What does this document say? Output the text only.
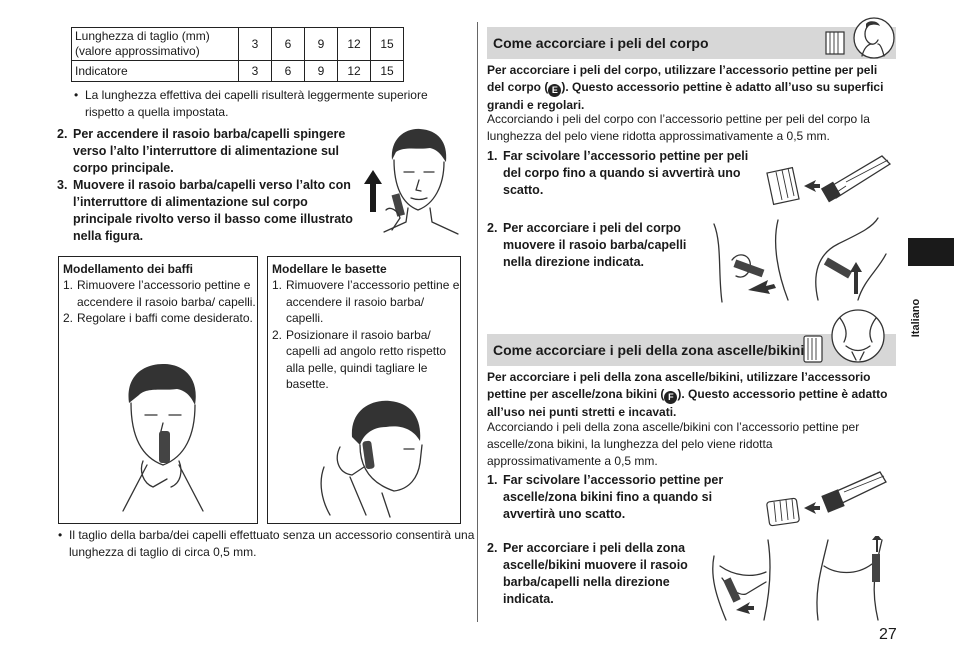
Lunghezza di taglio (mm) (valore approssimativo)	3	6	9	12	15
Indicatore	3	6	9	12	15
• La lunghezza effettiva dei capelli risulterà leggermente superiore rispetto a quella impostata.
2. Per accendere il rasoio barba/capelli spingere verso l’alto l’interruttore di alimentazione sul corpo principale.
3. Muovere il rasoio barba/capelli verso l’alto con l’interruttore di alimentazione sul corpo principale rivolto verso il basso come illustrato nella figura.
Modellamento dei baffi
1. Rimuovere l’accessorio pettine e accendere il rasoio barba/ capelli.
2. Regolare i baffi come desiderato.
Modellare le basette
1. Rimuovere l’accessorio pettine e accendere il rasoio barba/ capelli.
2. Posizionare il rasoio barba/ capelli ad angolo retto rispetto alla pelle, quindi tagliare le basette.
• Il taglio della barba/dei capelli effettuato senza un accessorio consentirà una lunghezza di taglio di circa 0,5 mm.
Come accorciare i peli del corpo
Per accorciare i peli del corpo, utilizzare l’accessorio pettine per peli del corpo ( E ). Questo accessorio pettine è adatto all’uso su superfici grandi e regolari.
Accorciando i peli del corpo con l’accessorio pettine per peli del corpo la lunghezza del pelo viene ridotta approssimativamente a 0,5 mm.
1. Far scivolare l’accessorio pettine per peli del corpo fino a quando si avvertirà uno scatto.
2. Per accorciare i peli del corpo muovere il rasoio barba/capelli nella direzione indicata.
Come accorciare i peli della zona ascelle/bikini
Per accorciare i peli della zona ascelle/bikini, utilizzare l’accessorio pettine per ascelle/zona bikini ( F ). Questo accessorio pettine è adatto all’uso nei punti stretti e incavati.
Accorciando i peli della zona ascelle/bikini con l’accessorio pettine per ascelle/zona bikini, la lunghezza del pelo viene ridotta approssimativamente a 0,5 mm.
1. Far scivolare l’accessorio pettine per ascelle/zona bikini fino a quando si avvertirà uno scatto.
2. Per accorciare i peli della zona ascelle/bikini muovere il rasoio barba/capelli nella direzione indicata.
Italiano
27
